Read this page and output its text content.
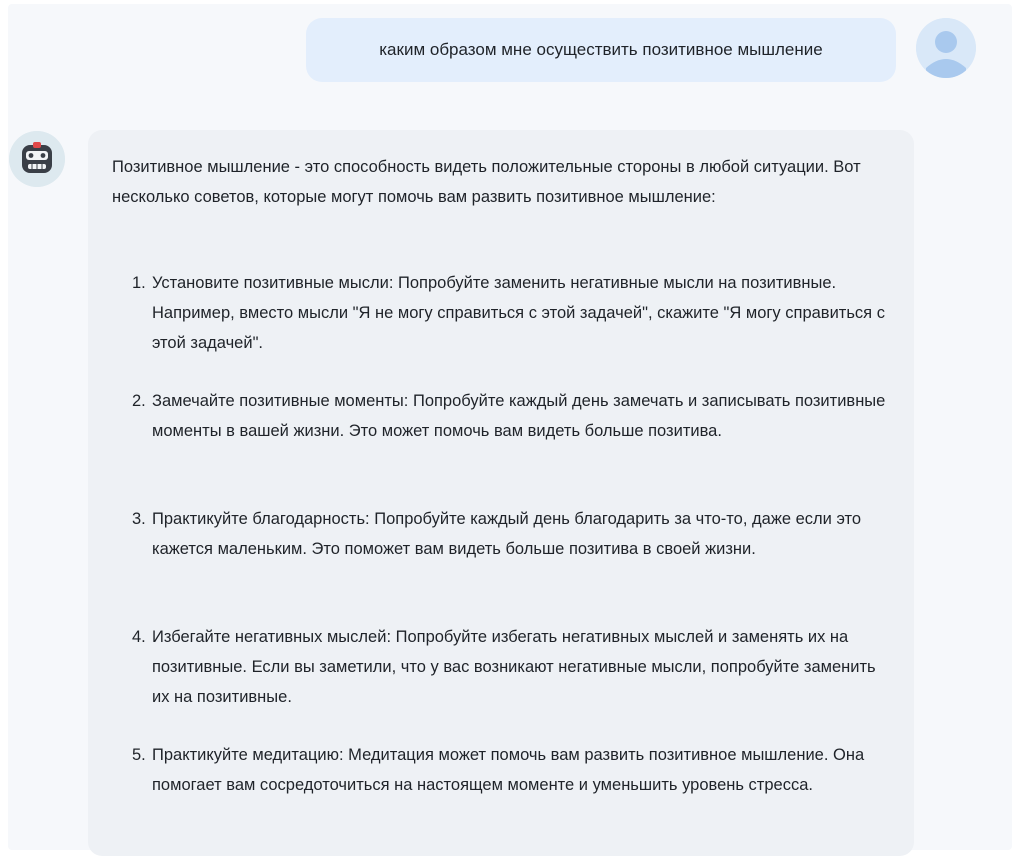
каким образом мне осуществить позитивное мышление

Позитивное мышление - это способность видеть положительные стороны в любой ситуации. Вот несколько советов, которые могут помочь вам развить позитивное мышление:

1. Установите позитивные мысли: Попробуйте заменить негативные мысли на позитивные. Например, вместо мысли "Я не могу справиться с этой задачей", скажите "Я могу справиться с этой задачей".

2. Замечайте позитивные моменты: Попробуйте каждый день замечать и записывать позитивные моменты в вашей жизни. Это может помочь вам видеть больше позитива.

3. Практикуйте благодарность: Попробуйте каждый день благодарить за что-то, даже если это кажется маленьким. Это поможет вам видеть больше позитива в своей жизни.

4. Избегайте негативных мыслей: Попробуйте избегать негативных мыслей и заменять их на позитивные. Если вы заметили, что у вас возникают негативные мысли, попробуйте заменить их на позитивные.

5. Практикуйте медитацию: Медитация может помочь вам развить позитивное мышление. Она помогает вам сосредоточиться на настоящем моменте и уменьшить уровень стресса.
